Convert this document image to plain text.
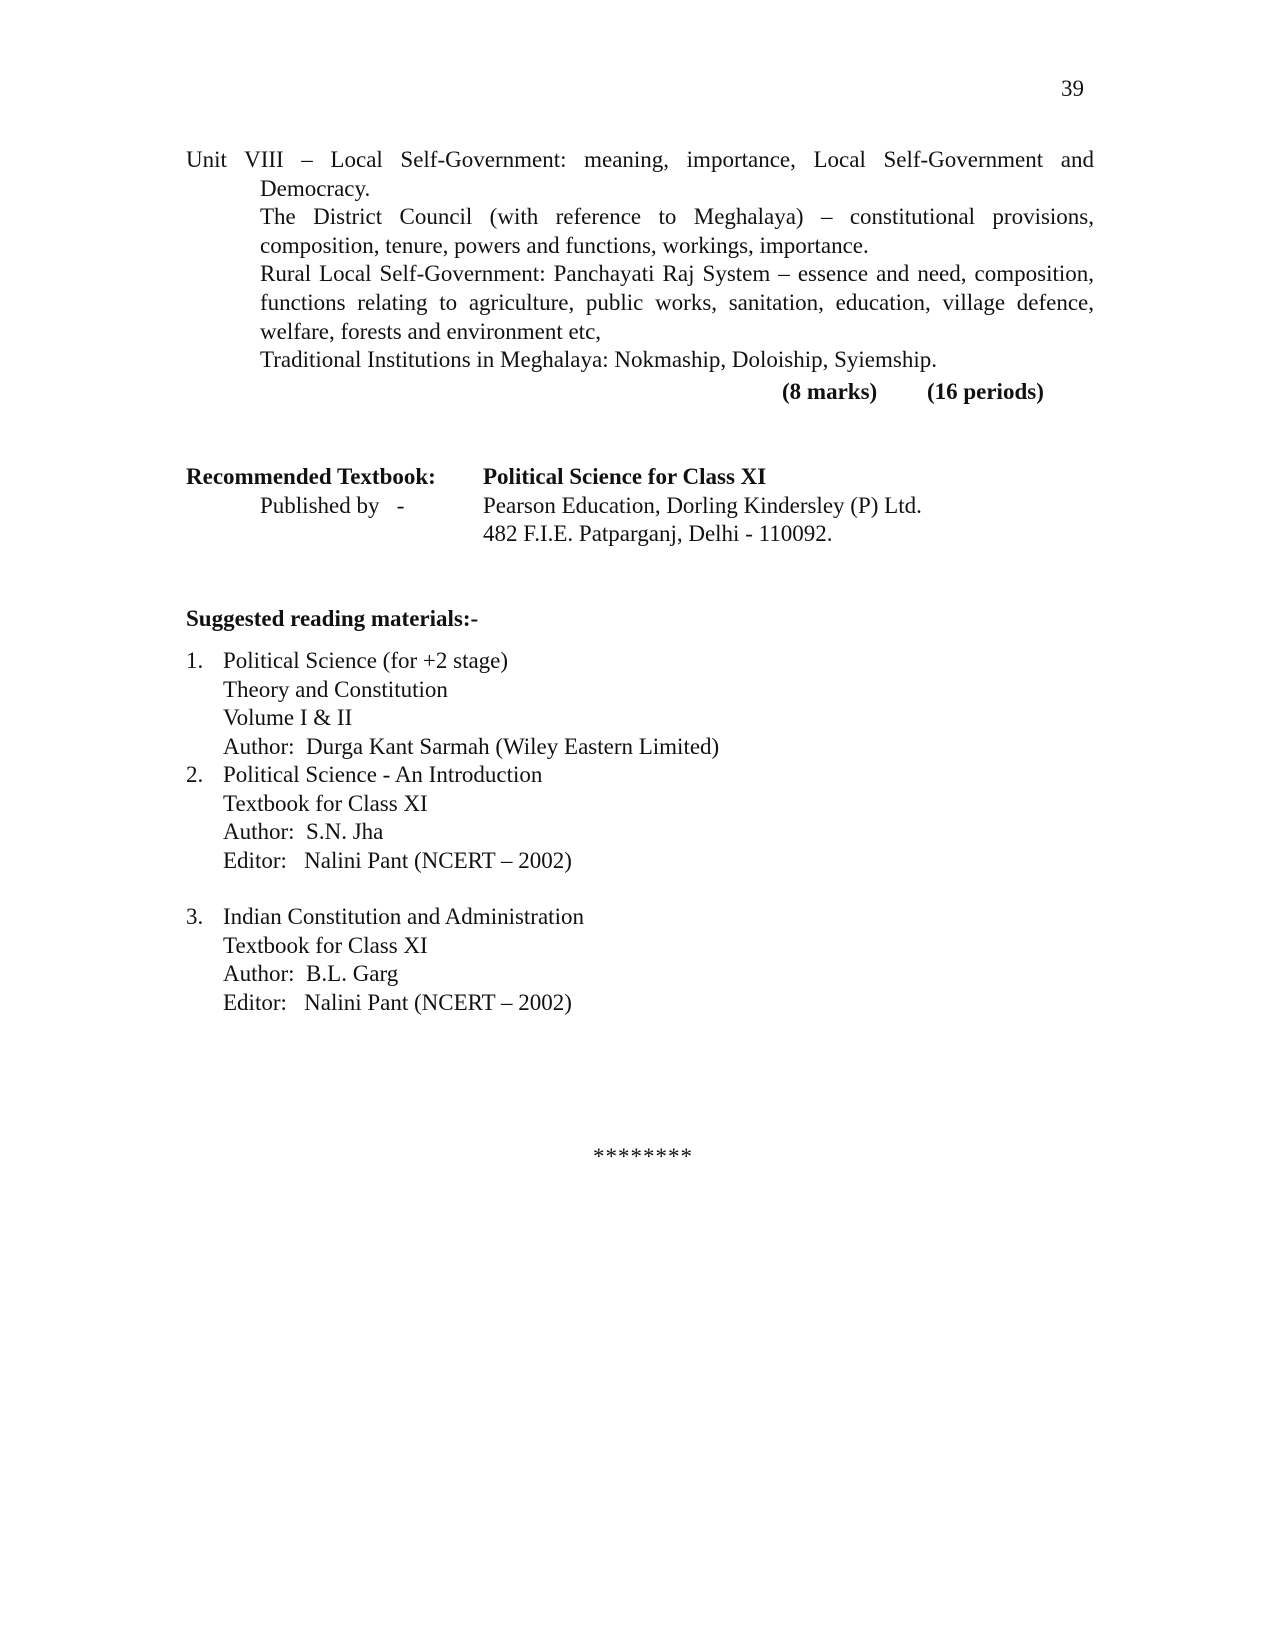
39
Unit VIII – Local Self-Government: meaning, importance, Local Self-Government and
Democracy.
The District Council (with reference to Meghalaya) – constitutional provisions, composition, tenure, powers and functions, workings, importance.
Rural Local Self-Government: Panchayati Raj System – essence and need, composition, functions relating to agriculture, public works, sanitation, education, village defence, welfare, forests and environment etc,
Traditional Institutions in Meghalaya: Nokmaship, Doloiship, Syiemship.
(8 marks) (16 periods)
Recommended Textbook:	Political Science for Class XI
Published by   -	Pearson Education, Dorling Kindersley (P) Ltd.
482 F.I.E. Patparganj, Delhi - 110092.
Suggested reading materials:-
1. Political Science (for +2 stage)
Theory and Constitution
Volume I & II
Author:  Durga Kant Sarmah (Wiley Eastern Limited)
2. Political Science - An Introduction
Textbook for Class XI
Author:  S.N. Jha
Editor:   Nalini Pant (NCERT – 2002)
3. Indian Constitution and Administration
Textbook for Class XI
Author:  B.L. Garg
Editor:   Nalini Pant (NCERT – 2002)
********
